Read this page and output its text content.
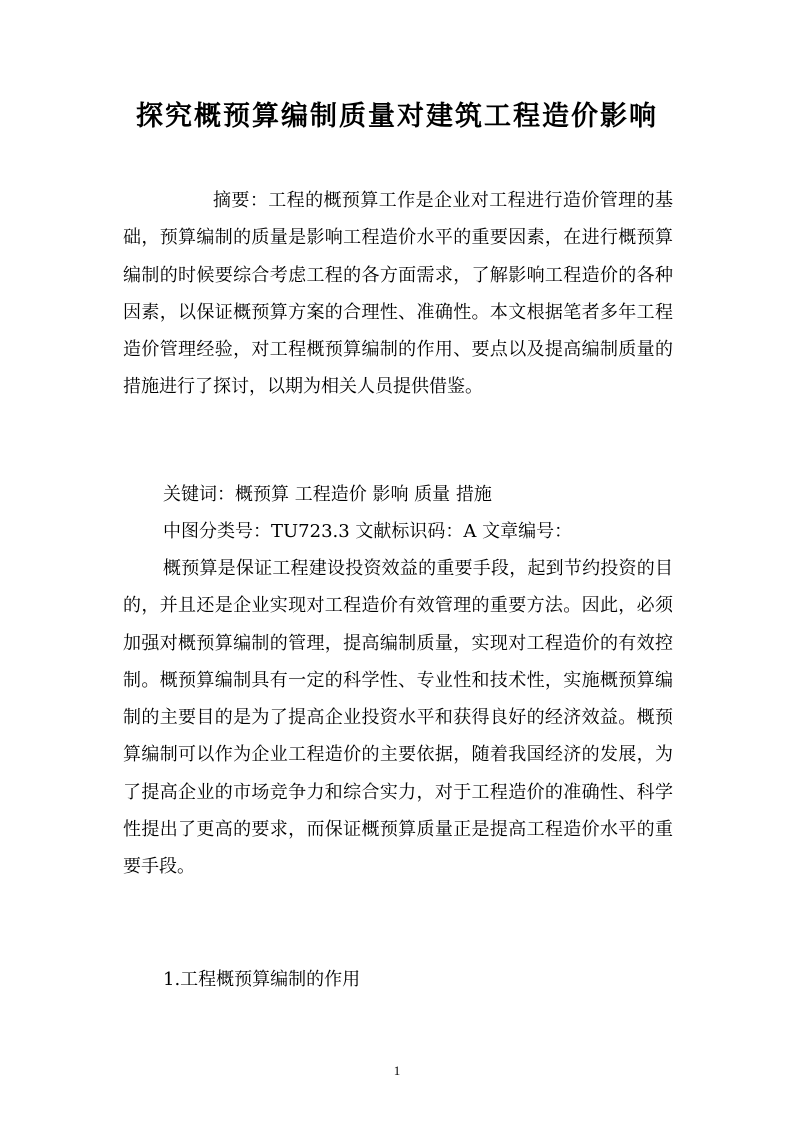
探究概预算编制质量对建筑工程造价影响

摘要：工程的概预算工作是企业对工程进行造价管理的基础，预算编制的质量是影响工程造价水平的重要因素，在进行概预算编制的时候要综合考虑工程的各方面需求，了解影响工程造价的各种因素，以保证概预算方案的合理性、准确性。本文根据笔者多年工程造价管理经验，对工程概预算编制的作用、要点以及提高编制质量的措施进行了探讨，以期为相关人员提供借鉴。

关键词：概预算 工程造价 影响 质量 措施

中图分类号：TU723.3 文献标识码：A 文章编号：

概预算是保证工程建设投资效益的重要手段，起到节约投资的目的，并且还是企业实现对工程造价有效管理的重要方法。因此，必须加强对概预算编制的管理，提高编制质量，实现对工程造价的有效控制。概预算编制具有一定的科学性、专业性和技术性，实施概预算编制的主要目的是为了提高企业投资水平和获得良好的经济效益。概预算编制可以作为企业工程造价的主要依据，随着我国经济的发展，为了提高企业的市场竞争力和综合实力，对于工程造价的准确性、科学性提出了更高的要求，而保证概预算质量正是提高工程造价水平的重要手段。

1.工程概预算编制的作用

1
